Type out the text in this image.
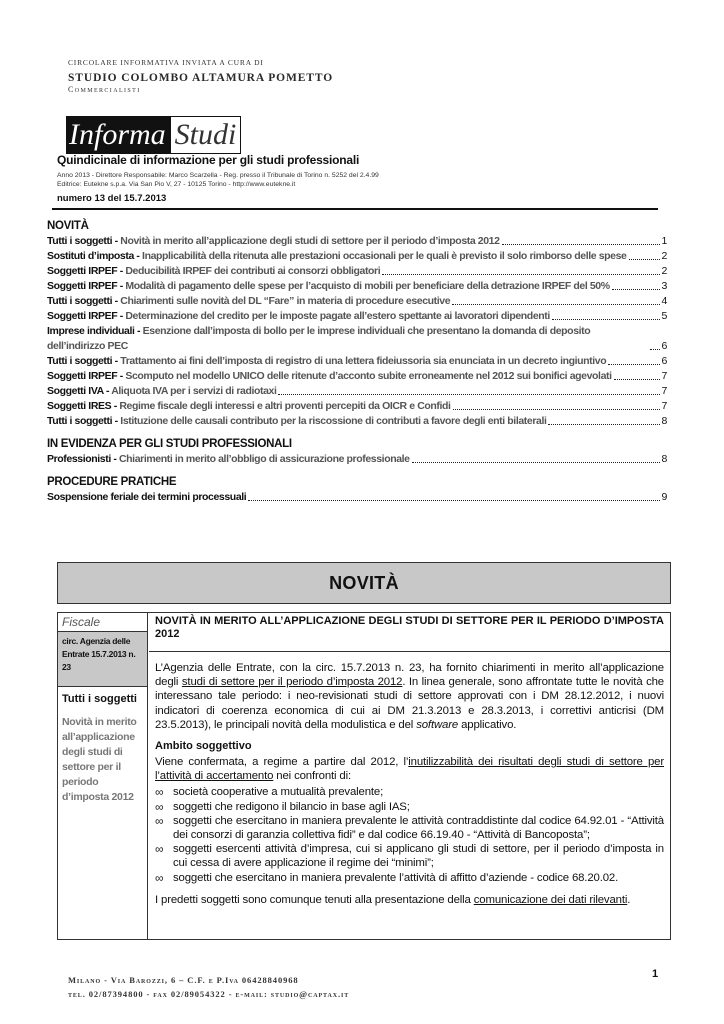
CIRCOLARE INFORMATIVA INVIATA A CURA DI
STUDIO COLOMBO ALTAMURA POMETTO
Commercialisti
Informa Studi
Quindicinale di informazione per gli studi professionali
Anno 2013 - Direttore Responsabile: Marco Scarzella - Reg. presso il Tribunale di Torino n. 5252 del 2.4.99
Editrice: Eutekne s.p.a. Via San Pio V, 27 - 10125 Torino - http://www.eutekne.it
numero 13 del 15.7.2013
NOVITÀ
Tutti i soggetti - Novità in merito all’applicazione degli studi di settore per il periodo d’imposta 2012	1
Sostituti d’imposta - Inapplicabilità della ritenuta alle prestazioni occasionali per le quali è previsto il solo rimborso delle spese	2
Soggetti IRPEF - Deducibilità IRPEF dei contributi ai consorzi obbligatori	2
Soggetti IRPEF - Modalità di pagamento delle spese per l’acquisto di mobili per beneficiare della detrazione IRPEF del 50%	3
Tutti i soggetti - Chiarimenti sulle novità del DL “Fare” in materia di procedure esecutive	4
Soggetti IRPEF - Determinazione del credito per le imposte pagate all’estero spettante ai lavoratori dipendenti	5
Imprese individuali - Esenzione dall’imposta di bollo per le imprese individuali che presentano la domanda di deposito dell’indirizzo PEC	6
Tutti i soggetti - Trattamento ai fini dell’imposta di registro di una lettera fideiussoria sia enunciata in un decreto ingiuntivo	6
Soggetti IRPEF - Scomputo nel modello UNICO delle ritenute d’acconto subite erroneamente nel 2012 sui bonifici agevolati	7
Soggetti IVA - Aliquota IVA per i servizi di radiotaxi	7
Soggetti IRES - Regime fiscale degli interessi e altri proventi percepiti da OICR e Confidi	7
Tutti i soggetti - Istituzione delle causali contributo per la riscossione di contributi a favore degli enti bilaterali	8
IN EVIDENZA PER GLI STUDI PROFESSIONALI
Professionisti - Chiarimenti in merito all’obbligo di assicurazione professionale	8
PROCEDURE PRATICHE
Sospensione feriale dei termini processuali	9
NOVITÀ
Fiscale
circ. Agenzia delle Entrate 15.7.2013 n. 23
Tutti i soggetti
Novità in merito all’applicazione degli studi di settore per il periodo d’imposta 2012
NOVITÀ IN MERITO ALL’APPLICAZIONE DEGLI STUDI DI SETTORE PER IL PERIODO D’IMPOSTA 2012

L’Agenzia delle Entrate, con la circ. 15.7.2013 n. 23, ha fornito chiarimenti in merito all’applicazione degli studi di settore per il periodo d’imposta 2012. In linea generale, sono affrontate tutte le novità che interessano tale periodo: i neo-revisionati studi di settore approvati con i DM 28.12.2012, i nuovi indicatori di coerenza economica di cui ai DM 21.3.2013 e 28.3.2013, i correttivi anticrisi (DM 23.5.2013), le principali novità della modulistica e del software applicativo.

Ambito soggettivo

Viene confermata, a regime a partire dal 2012, l’inutilizzabilità dei risultati degli studi di settore per l’attività di accertamento nei confronti di:

∞ società cooperative a mutualità prevalente;
∞ soggetti che redigono il bilancio in base agli IAS;
∞ soggetti che esercitano in maniera prevalente le attività contraddistinte dal codice 64.92.01 - “Attività dei consorzi di garanzia collettiva fidi” e dal codice 66.19.40 - “Attività di Bancoposta”;
∞ soggetti esercenti attività d’impresa, cui si applicano gli studi di settore, per il periodo d’imposta in cui cessa di avere applicazione il regime dei “minimi”;
∞ soggetti che esercitano in maniera prevalente l’attività di affitto d’aziende - codice 68.20.02.

I predetti soggetti sono comunque tenuti alla presentazione della comunicazione dei dati rilevanti.

Milano - Via Barozzi, 6 – C.F. e P.Iva 06428840968
tel. 02/87394800 - fax 02/89054322 - e-mail: studio@captax.it
1
